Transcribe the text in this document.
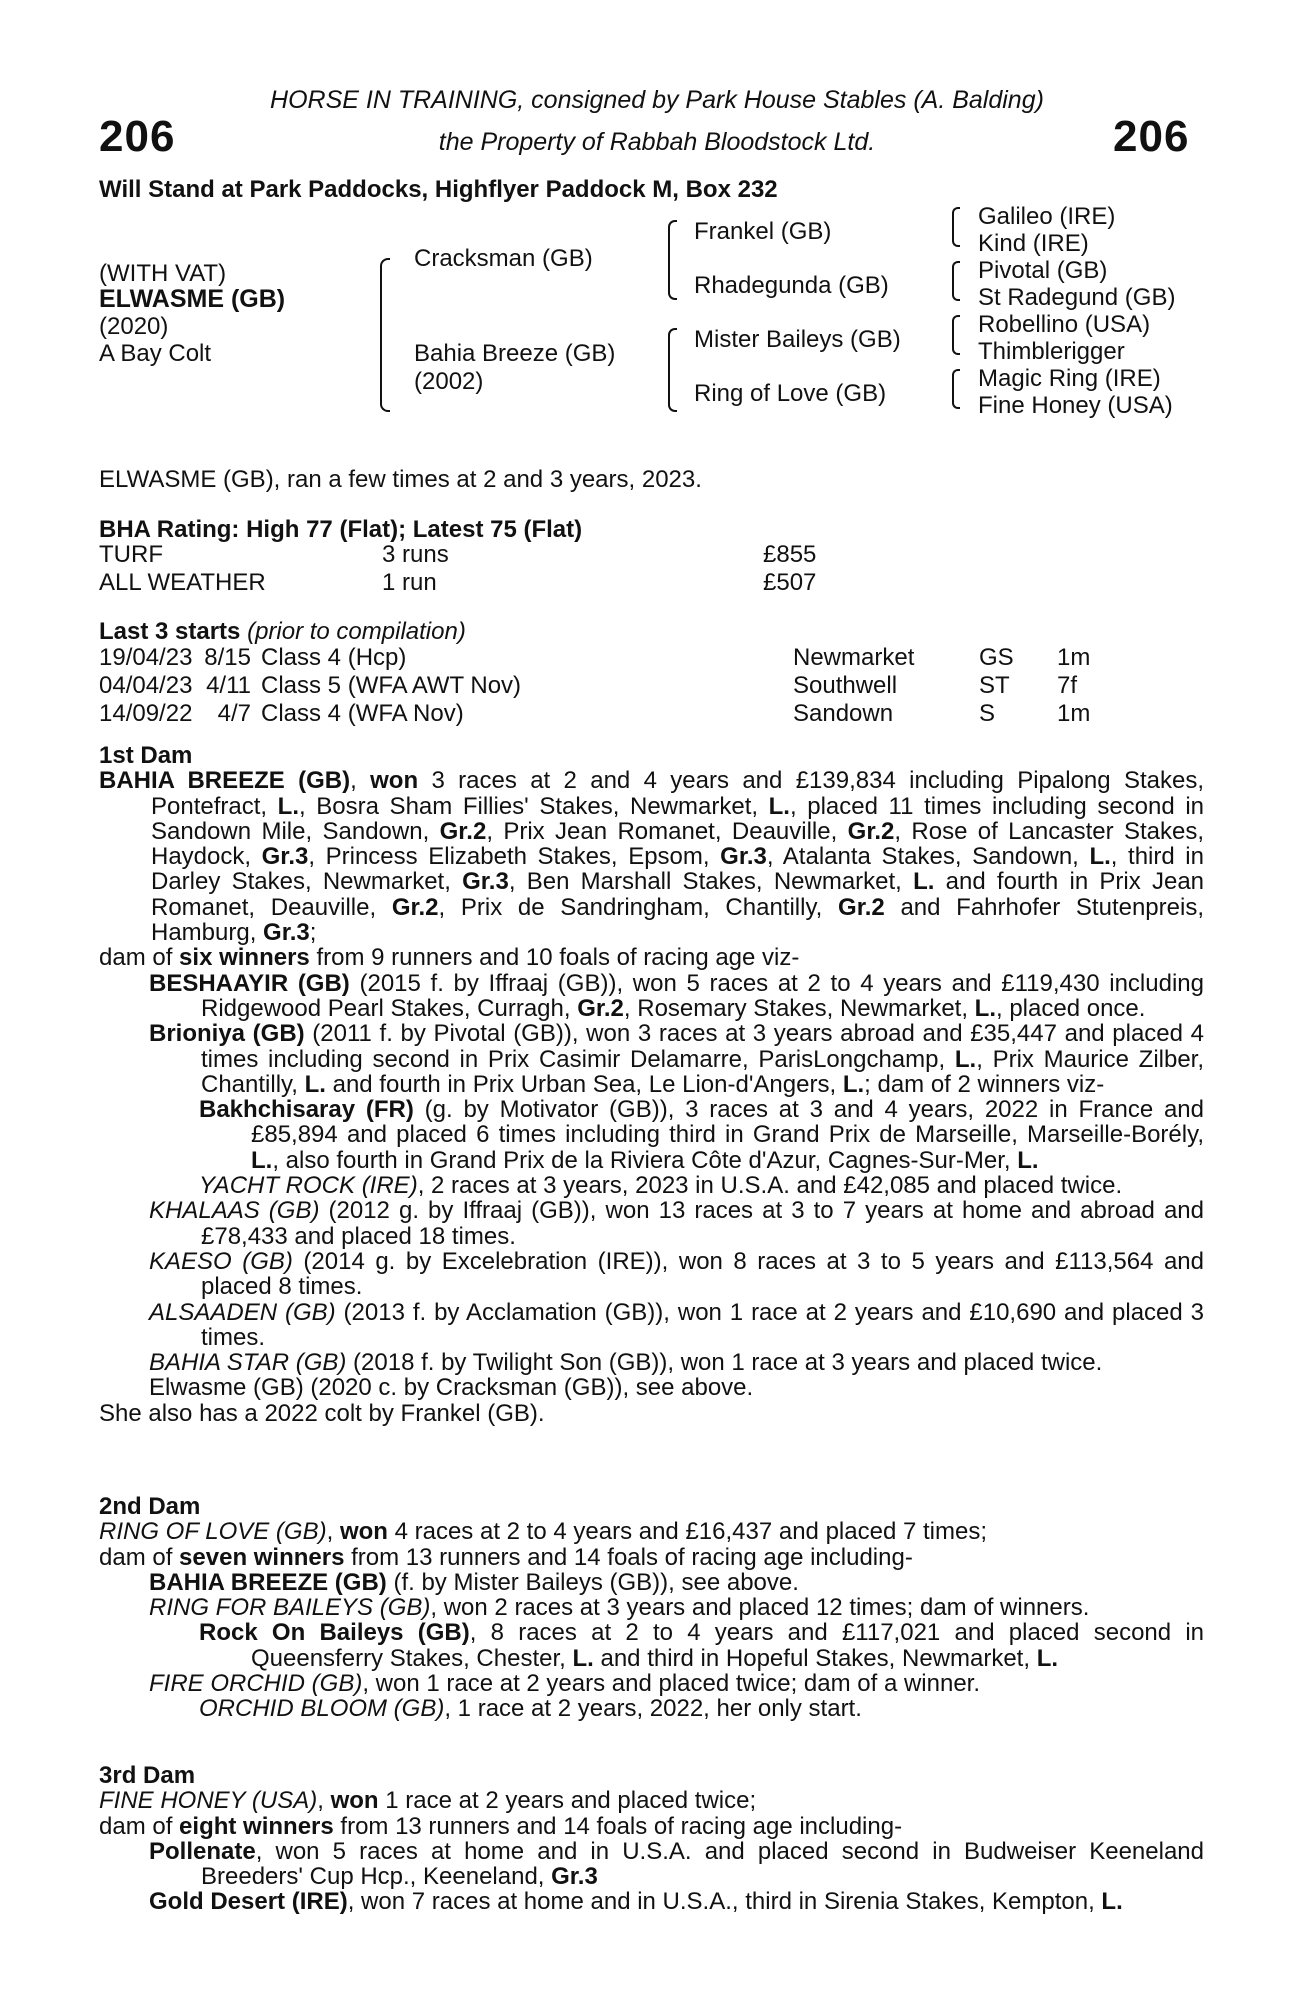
206	206
HORSE IN TRAINING, consigned by Park House Stables (A. Balding)
the Property of Rabbah Bloodstock Ltd.
Will Stand at Park Paddocks, Highflyer Paddock M, Box 232
(WITH VAT)
ELWASME (GB)
(2020)
A Bay Colt
Cracksman (GB)
Bahia Breeze (GB)
(2002)
Frankel (GB)
Rhadegunda (GB)
Mister Baileys (GB)
Ring of Love (GB)
Galileo (IRE)
Kind (IRE)
Pivotal (GB)
St Radegund (GB)
Robellino (USA)
Thimblerigger
Magic Ring (IRE)
Fine Honey (USA)
ELWASME (GB), ran a few times at 2 and 3 years, 2023.
BHA Rating: High 77 (Flat); Latest 75 (Flat)
TURF	3 runs	£855
ALL WEATHER	1 run	£507
Last 3 starts (prior to compilation)
19/04/23	8/15	Class 4 (Hcp)	Newmarket	GS	1m
04/04/23	4/11	Class 5 (WFA AWT Nov)	Southwell	ST	7f
14/09/22	4/7	Class 4 (WFA Nov)	Sandown	S	1m

1st Dam

BAHIA BREEZE (GB), won 3 races at 2 and 4 years and £139,834 including Pipalong Stakes, Pontefract, L., Bosra Sham Fillies' Stakes, Newmarket, L., placed 11 times including second in Sandown Mile, Sandown, Gr.2, Prix Jean Romanet, Deauville, Gr.2, Rose of Lancaster Stakes, Haydock, Gr.3, Princess Elizabeth Stakes, Epsom, Gr.3, Atalanta Stakes, Sandown, L., third in Darley Stakes, Newmarket, Gr.3, Ben Marshall Stakes, Newmarket, L. and fourth in Prix Jean Romanet, Deauville, Gr.2, Prix de Sandringham, Chantilly, Gr.2 and Fahrhofer Stutenpreis, Hamburg, Gr.3;

dam of six winners from 9 runners and 10 foals of racing age viz-

BESHAAYIR (GB) (2015 f. by Iffraaj (GB)), won 5 races at 2 to 4 years and £119,430 including Ridgewood Pearl Stakes, Curragh, Gr.2, Rosemary Stakes, Newmarket, L., placed once.

Brioniya (GB) (2011 f. by Pivotal (GB)), won 3 races at 3 years abroad and £35,447 and placed 4 times including second in Prix Casimir Delamarre, ParisLongchamp, L., Prix Maurice Zilber, Chantilly, L. and fourth in Prix Urban Sea, Le Lion-d'Angers, L.; dam of 2 winners viz-

Bakhchisaray (FR) (g. by Motivator (GB)), 3 races at 3 and 4 years, 2022 in France and £85,894 and placed 6 times including third in Grand Prix de Marseille, Marseille-Borély, L., also fourth in Grand Prix de la Riviera Côte d'Azur, Cagnes-Sur-Mer, L.

YACHT ROCK (IRE), 2 races at 3 years, 2023 in U.S.A. and £42,085 and placed twice.

KHALAAS (GB) (2012 g. by Iffraaj (GB)), won 13 races at 3 to 7 years at home and abroad and £78,433 and placed 18 times.

KAESO (GB) (2014 g. by Excelebration (IRE)), won 8 races at 3 to 5 years and £113,564 and placed 8 times.

ALSAADEN (GB) (2013 f. by Acclamation (GB)), won 1 race at 2 years and £10,690 and placed 3 times.

BAHIA STAR (GB) (2018 f. by Twilight Son (GB)), won 1 race at 3 years and placed twice.

Elwasme (GB) (2020 c. by Cracksman (GB)), see above.

She also has a 2022 colt by Frankel (GB).

2nd Dam

RING OF LOVE (GB), won 4 races at 2 to 4 years and £16,437 and placed 7 times;

dam of seven winners from 13 runners and 14 foals of racing age including-

BAHIA BREEZE (GB) (f. by Mister Baileys (GB)), see above.

RING FOR BAILEYS (GB), won 2 races at 3 years and placed 12 times; dam of winners.

Rock On Baileys (GB), 8 races at 2 to 4 years and £117,021 and placed second in Queensferry Stakes, Chester, L. and third in Hopeful Stakes, Newmarket, L.

FIRE ORCHID (GB), won 1 race at 2 years and placed twice; dam of a winner.

ORCHID BLOOM (GB), 1 race at 2 years, 2022, her only start.

3rd Dam

FINE HONEY (USA), won 1 race at 2 years and placed twice;

dam of eight winners from 13 runners and 14 foals of racing age including-

Pollenate, won 5 races at home and in U.S.A. and placed second in Budweiser Keeneland Breeders' Cup Hcp., Keeneland, Gr.3

Gold Desert (IRE), won 7 races at home and in U.S.A., third in Sirenia Stakes, Kempton, L.
